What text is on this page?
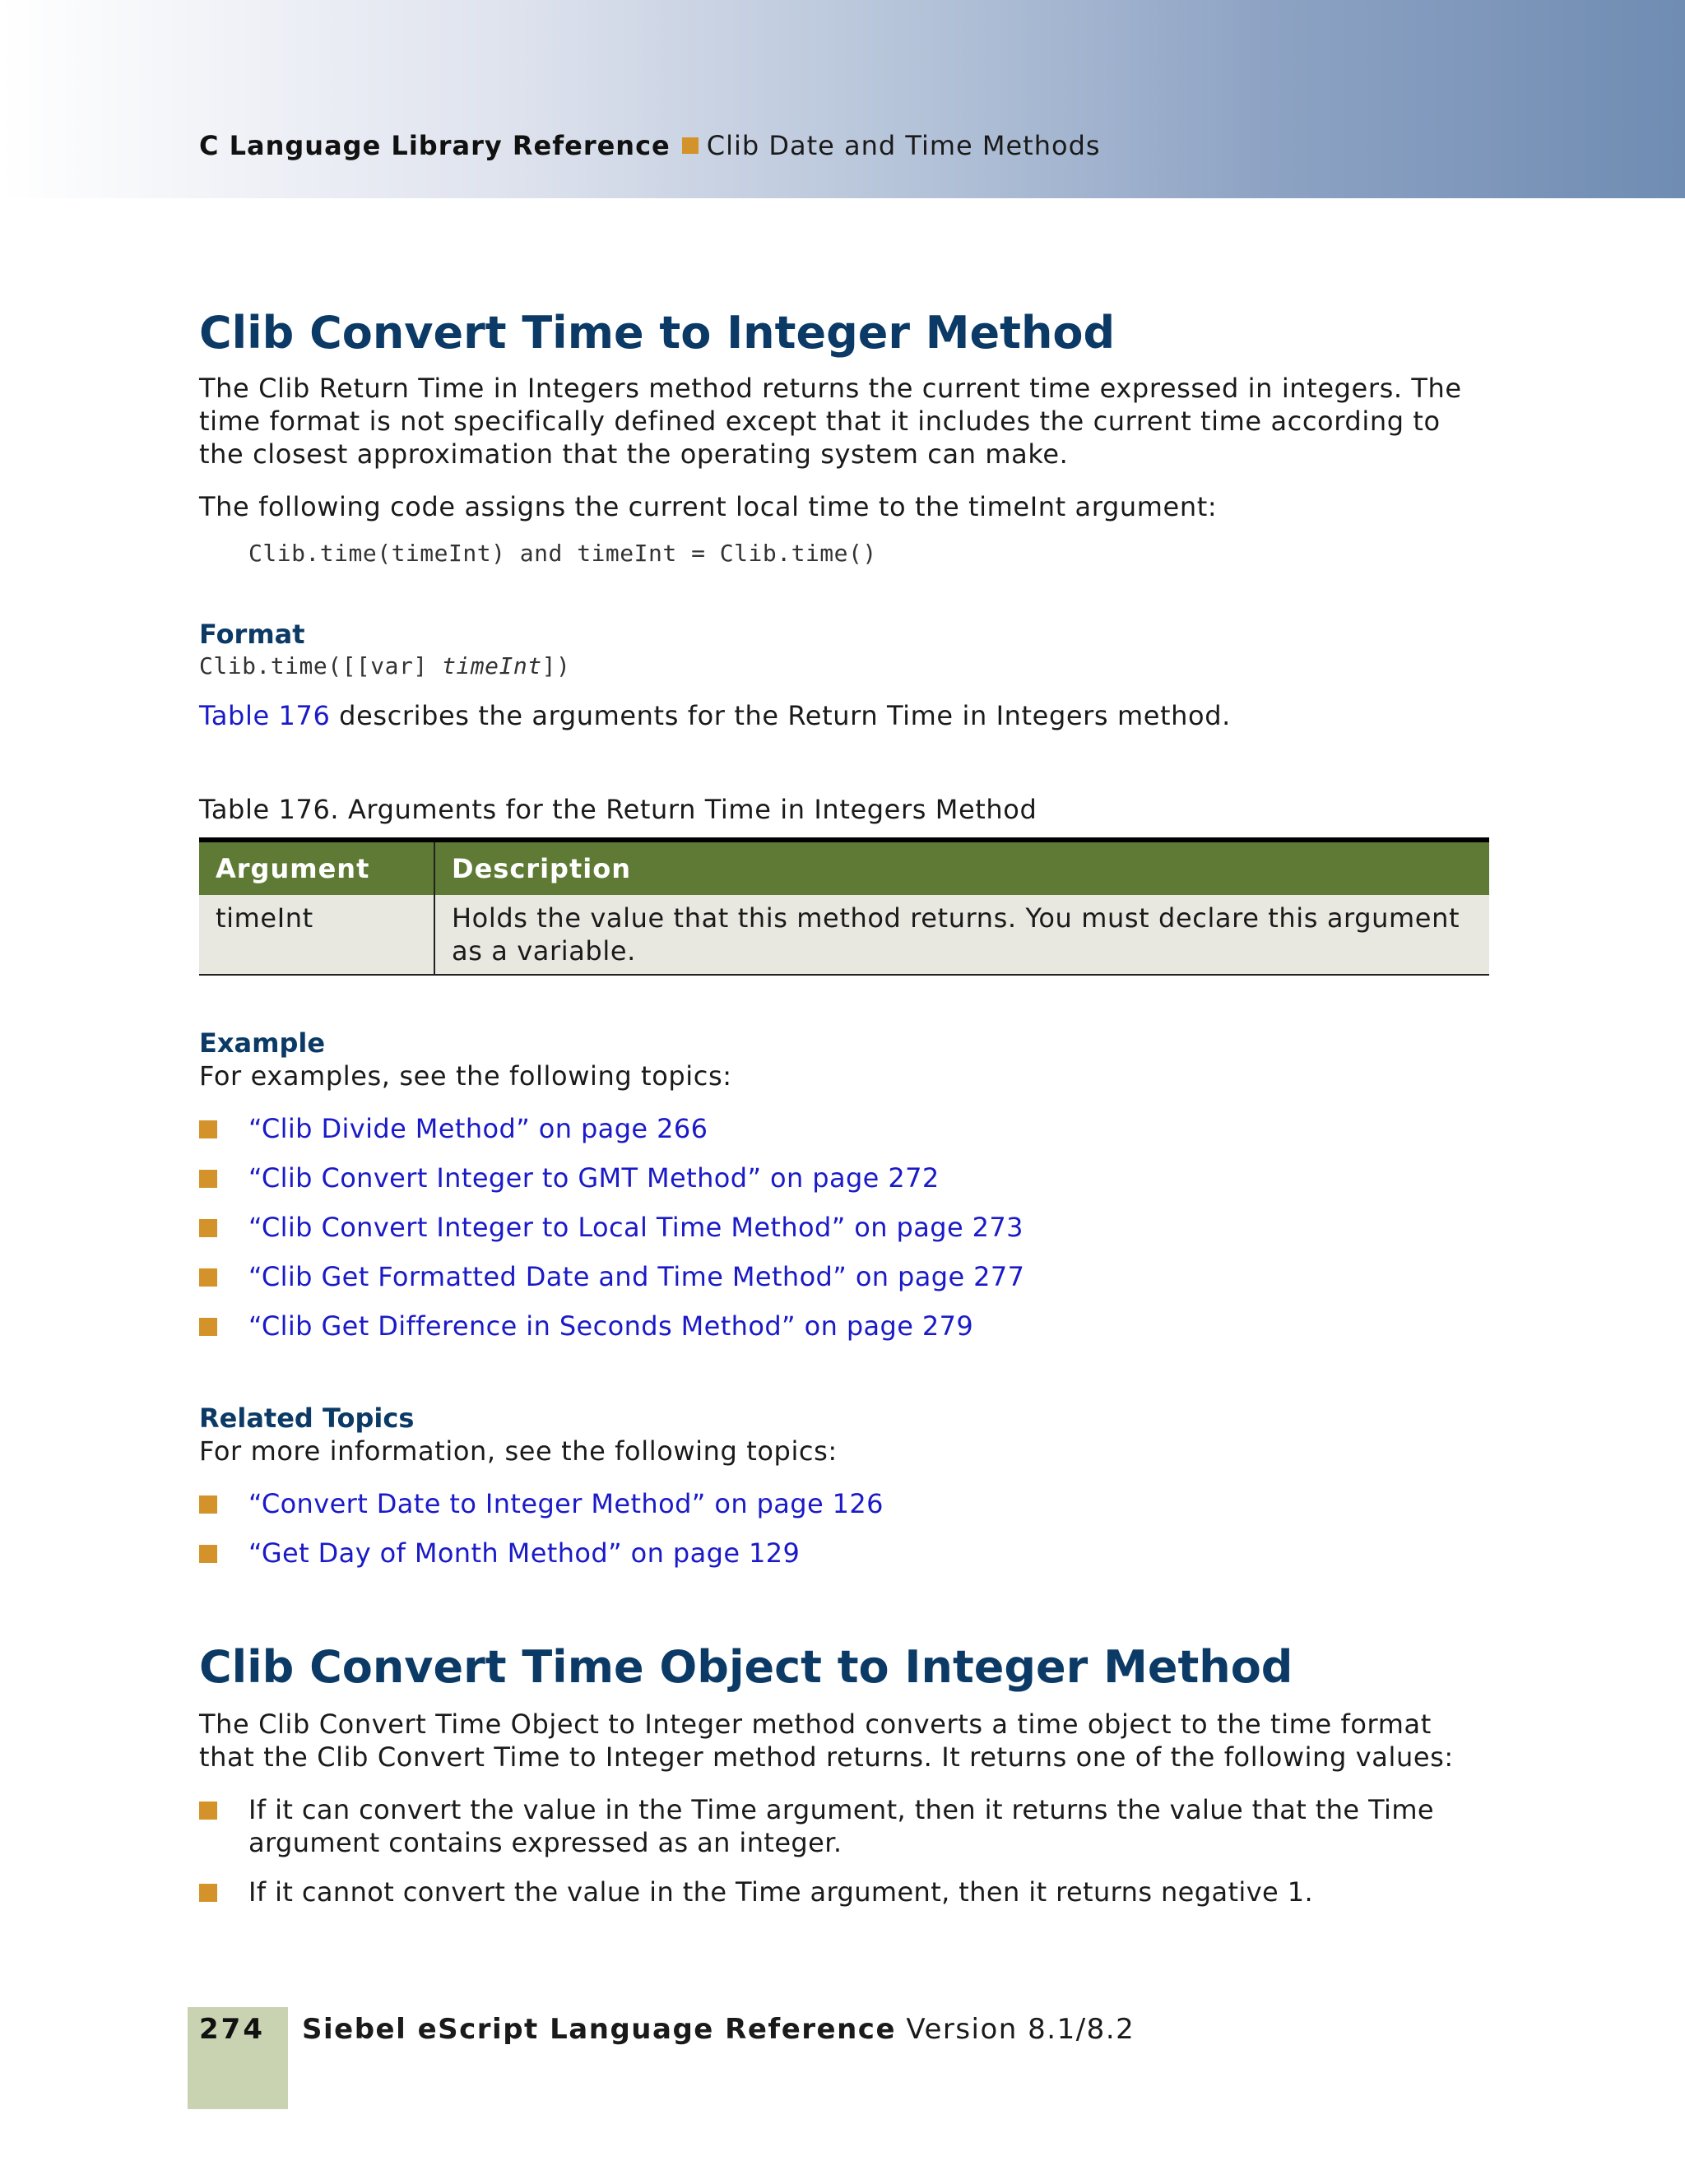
C Language Library Reference Clib Date and Time Methods
Clib Convert Time to Integer Method

The Clib Return Time in Integers method returns the current time expressed in integers. The time format is not specifically defined except that it includes the current time according to the closest approximation that the operating system can make.

The following code assigns the current local time to the timeInt argument:

Clib.time(timeInt) and timeInt = Clib.time()
Format
Clib.time([[var] timeInt])

Table 176 describes the arguments for the Return Time in Integers method.

Table 176. Arguments for the Return Time in Integers Method

Argument	Description
timeInt	Holds the value that this method returns. You must declare this argument as a variable.
Example

For examples, see the following topics:

“Clib Divide Method” on page 266
“Clib Convert Integer to GMT Method” on page 272
“Clib Convert Integer to Local Time Method” on page 273
“Clib Get Formatted Date and Time Method” on page 277
“Clib Get Difference in Seconds Method” on page 279
Related Topics

For more information, see the following topics:

“Convert Date to Integer Method” on page 126
“Get Day of Month Method” on page 129
Clib Convert Time Object to Integer Method

The Clib Convert Time Object to Integer method converts a time object to the time format that the Clib Convert Time to Integer method returns. It returns one of the following values:

If it can convert the value in the Time argument, then it returns the value that the Time argument contains expressed as an integer.
If it cannot convert the value in the Time argument, then it returns negative 1.
274 Siebel eScript Language Reference Version 8.1/8.2
